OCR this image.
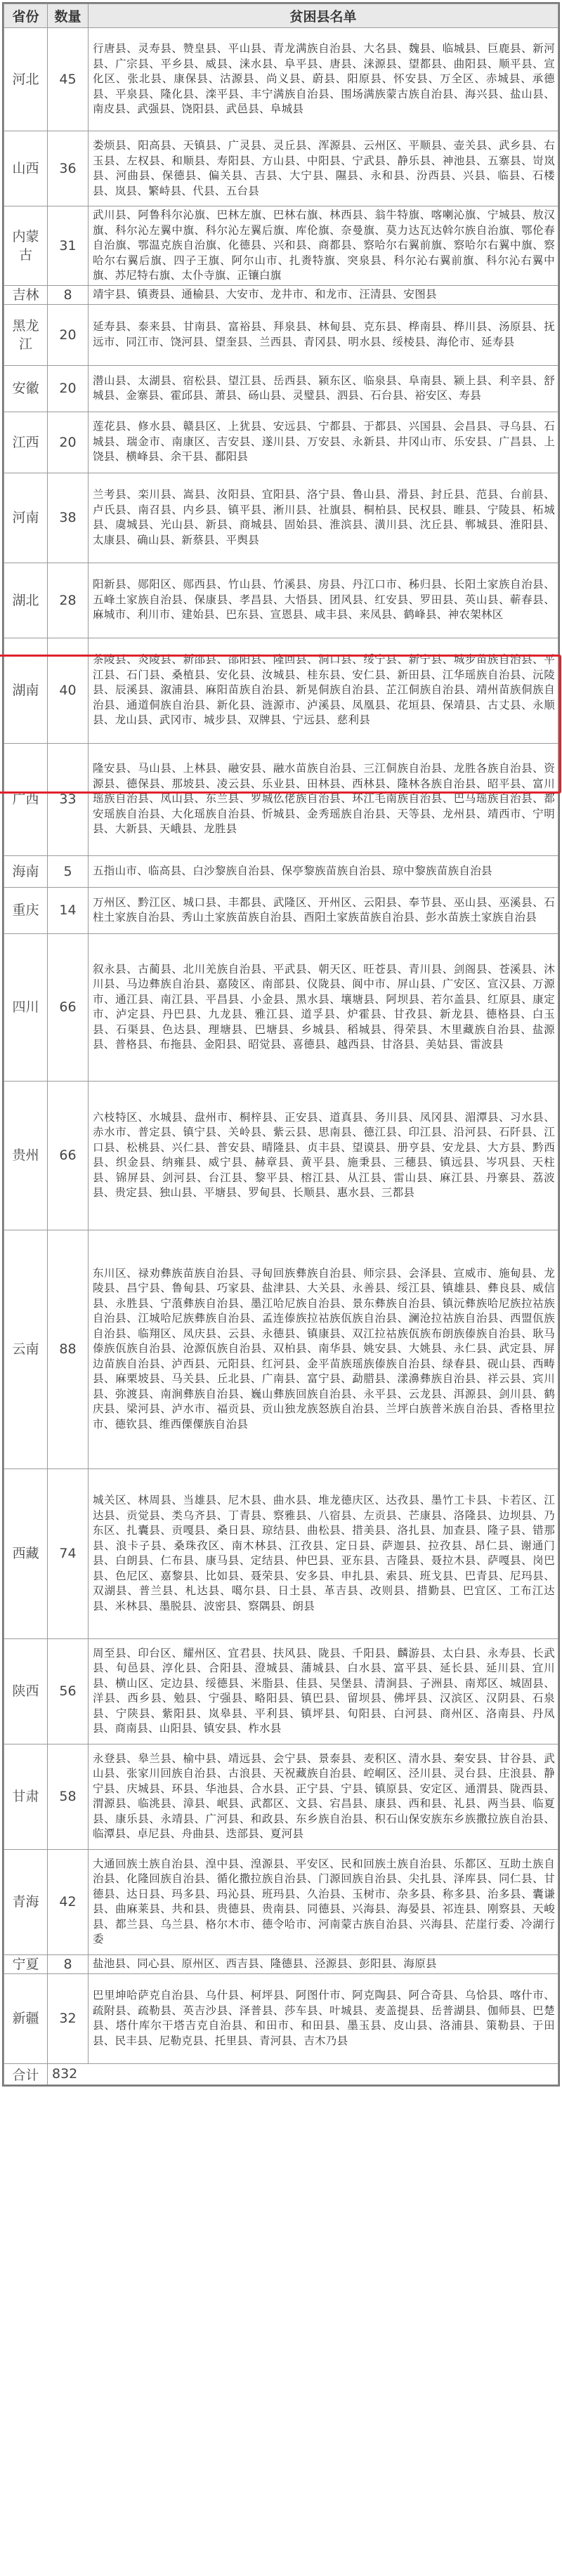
省份	数量	贫困县名单
河北	45	行唐县、灵寿县、赞皇县、平山县、青龙满族自治县、大名县、魏县、临城县、巨鹿县、新河县、广宗县、平乡县、威县、涞水县、阜平县、唐县、涞源县、望都县、曲阳县、顺平县、宣化区、张北县、康保县、沽源县、尚义县、蔚县、阳原县、怀安县、万全区、赤城县、承德县、平泉县、隆化县、滦平县、丰宁满族自治县、围场满族蒙古族自治县、海兴县、盐山县、南皮县、武强县、饶阳县、武邑县、阜城县
山西	36	娄烦县、阳高县、天镇县、广灵县、灵丘县、浑源县、云州区、平顺县、壶关县、武乡县、右玉县、左权县、和顺县、寿阳县、方山县、中阳县、宁武县、静乐县、神池县、五寨县、岢岚县、河曲县、保德县、偏关县、吉县、大宁县、隰县、永和县、汾西县、兴县、临县、石楼县、岚县、繁峙县、代县、五台县
内蒙古	31	武川县、阿鲁科尔沁旗、巴林左旗、巴林右旗、林西县、翁牛特旗、喀喇沁旗、宁城县、敖汉旗、科尔沁左翼中旗、科尔沁左翼后旗、库伦旗、奈曼旗、莫力达瓦达斡尔族自治旗、鄂伦春自治旗、鄂温克族自治旗、化德县、兴和县、商都县、察哈尔右翼前旗、察哈尔右翼中旗、察哈尔右翼后旗、四子王旗、阿尔山市、扎赉特旗、突泉县、科尔沁右翼前旗、科尔沁右翼中旗、苏尼特右旗、太仆寺旗、正镶白旗
吉林	8	靖宇县、镇赉县、通榆县、大安市、龙井市、和龙市、汪清县、安图县
黑龙江	20	延寿县、泰来县、甘南县、富裕县、拜泉县、林甸县、克东县、桦南县、桦川县、汤原县、抚远市、同江市、饶河县、望奎县、兰西县、青冈县、明水县、绥棱县、海伦市、延寿县
安徽	20	潜山县、太湖县、宿松县、望江县、岳西县、颍东区、临泉县、阜南县、颍上县、利辛县、舒城县、金寨县、霍邱县、萧县、砀山县、灵璧县、泗县、石台县、裕安区、寿县
江西	20	莲花县、修水县、赣县区、上犹县、安远县、宁都县、于都县、兴国县、会昌县、寻乌县、石城县、瑞金市、南康区、吉安县、遂川县、万安县、永新县、井冈山市、乐安县、广昌县、上饶县、横峰县、余干县、鄱阳县
河南	38	兰考县、栾川县、嵩县、汝阳县、宜阳县、洛宁县、鲁山县、滑县、封丘县、范县、台前县、卢氏县、南召县、内乡县、镇平县、淅川县、社旗县、桐柏县、民权县、睢县、宁陵县、柘城县、虞城县、光山县、新县、商城县、固始县、淮滨县、潢川县、沈丘县、郸城县、淮阳县、太康县、确山县、新蔡县、平舆县
湖北	28	阳新县、郧阳区、郧西县、竹山县、竹溪县、房县、丹江口市、秭归县、长阳土家族自治县、五峰土家族自治县、保康县、孝昌县、大悟县、团风县、红安县、罗田县、英山县、蕲春县、麻城市、利川市、建始县、巴东县、宣恩县、咸丰县、来凤县、鹤峰县、神农架林区
湖南	40	茶陵县、炎陵县、新邵县、邵阳县、隆回县、洞口县、绥宁县、新宁县、城步苗族自治县、平江县、石门县、桑植县、安化县、汝城县、桂东县、安仁县、新田县、江华瑶族自治县、沅陵县、辰溪县、溆浦县、麻阳苗族自治县、新晃侗族自治县、芷江侗族自治县、靖州苗族侗族自治县、通道侗族自治县、新化县、涟源市、泸溪县、凤凰县、花垣县、保靖县、古丈县、永顺县、龙山县、武冈市、城步县、双牌县、宁远县、慈利县
广西	33	隆安县、马山县、上林县、融安县、融水苗族自治县、三江侗族自治县、龙胜各族自治县、资源县、德保县、那坡县、凌云县、乐业县、田林县、西林县、隆林各族自治县、昭平县、富川瑶族自治县、凤山县、东兰县、罗城仫佬族自治县、环江毛南族自治县、巴马瑶族自治县、都安瑶族自治县、大化瑶族自治县、忻城县、金秀瑶族自治县、天等县、龙州县、靖西市、宁明县、大新县、天峨县、龙胜县
海南	5	五指山市、临高县、白沙黎族自治县、保亭黎族苗族自治县、琼中黎族苗族自治县
重庆	14	万州区、黔江区、城口县、丰都县、武隆区、开州区、云阳县、奉节县、巫山县、巫溪县、石柱土家族自治县、秀山土家族苗族自治县、酉阳土家族苗族自治县、彭水苗族土家族自治县
四川	66	叙永县、古蔺县、北川羌族自治县、平武县、朝天区、旺苍县、青川县、剑阁县、苍溪县、沐川县、马边彝族自治县、嘉陵区、南部县、仪陇县、阆中市、屏山县、广安区、宣汉县、万源市、通江县、南江县、平昌县、小金县、黑水县、壤塘县、阿坝县、若尔盖县、红原县、康定市、泸定县、丹巴县、九龙县、雅江县、道孚县、炉霍县、甘孜县、新龙县、德格县、白玉县、石渠县、色达县、理塘县、巴塘县、乡城县、稻城县、得荣县、木里藏族自治县、盐源县、普格县、布拖县、金阳县、昭觉县、喜德县、越西县、甘洛县、美姑县、雷波县
贵州	66	六枝特区、水城县、盘州市、桐梓县、正安县、道真县、务川县、凤冈县、湄潭县、习水县、赤水市、普定县、镇宁县、关岭县、紫云县、思南县、德江县、印江县、沿河县、石阡县、江口县、松桃县、兴仁县、普安县、晴隆县、贞丰县、望谟县、册亨县、安龙县、大方县、黔西县、织金县、纳雍县、威宁县、赫章县、黄平县、施秉县、三穗县、镇远县、岑巩县、天柱县、锦屏县、剑河县、台江县、黎平县、榕江县、从江县、雷山县、麻江县、丹寨县、荔波县、贵定县、独山县、平塘县、罗甸县、长顺县、惠水县、三都县
云南	88	东川区、禄劝彝族苗族自治县、寻甸回族彝族自治县、师宗县、会泽县、宣威市、施甸县、龙陵县、昌宁县、鲁甸县、巧家县、盐津县、大关县、永善县、绥江县、镇雄县、彝良县、威信县、永胜县、宁蒗彝族自治县、墨江哈尼族自治县、景东彝族自治县、镇沅彝族哈尼族拉祜族自治县、江城哈尼族彝族自治县、孟连傣族拉祜族佤族自治县、澜沧拉祜族自治县、西盟佤族自治县、临翔区、凤庆县、云县、永德县、镇康县、双江拉祜族佤族布朗族傣族自治县、耿马傣族佤族自治县、沧源佤族自治县、双柏县、南华县、姚安县、大姚县、永仁县、武定县、屏边苗族自治县、泸西县、元阳县、红河县、金平苗族瑶族傣族自治县、绿春县、砚山县、西畴县、麻栗坡县、马关县、丘北县、广南县、富宁县、勐腊县、漾濞彝族自治县、祥云县、宾川县、弥渡县、南涧彝族自治县、巍山彝族回族自治县、永平县、云龙县、洱源县、剑川县、鹤庆县、梁河县、泸水市、福贡县、贡山独龙族怒族自治县、兰坪白族普米族自治县、香格里拉市、德钦县、维西傈僳族自治县
西藏	74	城关区、林周县、当雄县、尼木县、曲水县、堆龙德庆区、达孜县、墨竹工卡县、卡若区、江达县、贡觉县、类乌齐县、丁青县、察雅县、八宿县、左贡县、芒康县、洛隆县、边坝县、乃东区、扎囊县、贡嘎县、桑日县、琼结县、曲松县、措美县、洛扎县、加查县、隆子县、错那县、浪卡子县、桑珠孜区、南木林县、江孜县、定日县、萨迦县、拉孜县、昂仁县、谢通门县、白朗县、仁布县、康马县、定结县、仲巴县、亚东县、吉隆县、聂拉木县、萨嘎县、岗巴县、色尼区、嘉黎县、比如县、聂荣县、安多县、申扎县、索县、班戈县、巴青县、尼玛县、双湖县、普兰县、札达县、噶尔县、日土县、革吉县、改则县、措勤县、巴宜区、工布江达县、米林县、墨脱县、波密县、察隅县、朗县
陕西	56	周至县、印台区、耀州区、宜君县、扶风县、陇县、千阳县、麟游县、太白县、永寿县、长武县、旬邑县、淳化县、合阳县、澄城县、蒲城县、白水县、富平县、延长县、延川县、宜川县、横山区、定边县、绥德县、米脂县、佳县、吴堡县、清涧县、子洲县、南郑区、城固县、洋县、西乡县、勉县、宁强县、略阳县、镇巴县、留坝县、佛坪县、汉滨区、汉阴县、石泉县、宁陕县、紫阳县、岚皋县、平利县、镇坪县、旬阳县、白河县、商州区、洛南县、丹凤县、商南县、山阳县、镇安县、柞水县
甘肃	58	永登县、皋兰县、榆中县、靖远县、会宁县、景泰县、麦积区、清水县、秦安县、甘谷县、武山县、张家川回族自治县、古浪县、天祝藏族自治县、崆峒区、泾川县、灵台县、庄浪县、静宁县、庆城县、环县、华池县、合水县、正宁县、宁县、镇原县、安定区、通渭县、陇西县、渭源县、临洮县、漳县、岷县、武都区、文县、宕昌县、康县、西和县、礼县、两当县、临夏县、康乐县、永靖县、广河县、和政县、东乡族自治县、积石山保安族东乡族撒拉族自治县、临潭县、卓尼县、舟曲县、迭部县、夏河县
青海	42	大通回族土族自治县、湟中县、湟源县、平安区、民和回族土族自治县、乐都区、互助土族自治县、化隆回族自治县、循化撒拉族自治县、门源回族自治县、尖扎县、泽库县、同仁县、甘德县、达日县、玛多县、玛沁县、班玛县、久治县、玉树市、杂多县、称多县、治多县、囊谦县、曲麻莱县、共和县、贵德县、贵南县、同德县、兴海县、海晏县、祁连县、刚察县、天峻县、都兰县、乌兰县、格尔木市、德令哈市、河南蒙古族自治县、兴海县、茫崖行委、冷湖行委
宁夏	8	盐池县、同心县、原州区、西吉县、隆德县、泾源县、彭阳县、海原县
新疆	32	巴里坤哈萨克自治县、乌什县、柯坪县、阿图什市、阿克陶县、阿合奇县、乌恰县、喀什市、疏附县、疏勒县、英吉沙县、泽普县、莎车县、叶城县、麦盖提县、岳普湖县、伽师县、巴楚县、塔什库尔干塔吉克自治县、和田市、和田县、墨玉县、皮山县、洛浦县、策勒县、于田县、民丰县、尼勒克县、托里县、青河县、吉木乃县
合计	832	
